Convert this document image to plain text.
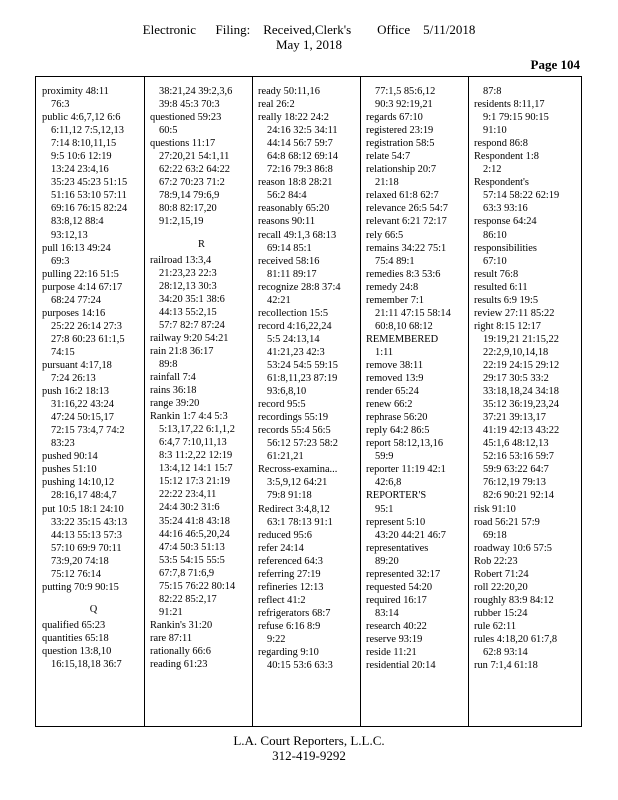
Electronic      Filing:    Received,Clerk's        Office    5/11/2018
May 1, 2018
Page 104
proximity 48:11
76:3
public 4:6,7,12 6:6
6:11,12 7:5,12,13
7:14 8:10,11,15
9:5 10:6 12:19
13:24 23:4,16
35:23 45:23 51:15
51:16 53:10 57:11
69:16 76:15 82:24
83:8,12 88:4
93:12,13
pull 16:13 49:24
69:3
pulling 22:16 51:5
purpose 4:14 67:17
68:24 77:24
purposes 14:16
25:22 26:14 27:3
27:8 60:23 61:1,5
74:15
pursuant 4:17,18
7:24 26:13
push 16:2 18:13
31:16,22 43:24
47:24 50:15,17
72:15 73:4,7 74:2
83:23
pushed 90:14
pushes 51:10
pushing 14:10,12
28:16,17 48:4,7
put 10:5 18:1 24:10
33:22 35:15 43:13
44:13 55:13 57:3
57:10 69:9 70:11
73:9,20 74:18
75:12 76:14
putting 70:9 90:15
Q
qualified 65:23
quantities 65:18
question 13:8,10
16:15,18,18 36:7
38:21,24 39:2,3,6
39:8 45:3 70:3
questioned 59:23
60:5
questions 11:17
27:20,21 54:1,11
62:22 63:2 64:22
67:2 70:23 71:2
78:9,14 79:6,9
80:8 82:17,20
91:2,15,19
R
railroad 13:3,4
21:23,23 22:3
28:12,13 30:3
34:20 35:1 38:6
44:13 55:2,15
57:7 82:7 87:24
railway 9:20 54:21
rain 21:8 36:17
89:8
rainfall 7:4
rains 36:18
range 39:20
Rankin 1:7 4:4 5:3
5:13,17,22 6:1,1,2
6:4,7 7:10,11,13
8:3 11:2,22 12:19
13:4,12 14:1 15:7
15:12 17:3 21:19
22:22 23:4,11
24:4 30:2 31:6
35:24 41:8 43:18
44:16 46:5,20,24
47:4 50:3 51:13
53:5 54:15 55:5
67:7,8 71:6,9
75:15 76:22 80:14
82:22 85:2,17
91:21
Rankin's 31:20
rare 87:11
rationally 66:6
reading 61:23
ready 50:11,16
real 26:2
really 18:22 24:2
24:16 32:5 34:11
44:14 56:7 59:7
64:8 68:12 69:14
72:16 79:3 86:8
reason 18:8 28:21
56:2 84:4
reasonably 65:20
reasons 90:11
recall 49:1,3 68:13
69:14 85:1
received 58:16
81:11 89:17
recognize 28:8 37:4
42:21
recollection 15:5
record 4:16,22,24
5:5 24:13,14
41:21,23 42:3
53:24 54:5 59:15
61:8,11,23 87:19
93:6,8,10
record 95:5
recordings 55:19
records 55:4 56:5
56:12 57:23 58:2
61:21,21
Recross-examina...
3:5,9,12 64:21
79:8 91:18
Redirect 3:4,8,12
63:1 78:13 91:1
reduced 95:6
refer 24:14
referenced 64:3
referring 27:19
refineries 12:13
reflect 41:2
refrigerators 68:7
refuse 6:16 8:9
9:22
regarding 9:10
40:15 53:6 63:3
77:1,5 85:6,12
90:3 92:19,21
regards 67:10
registered 23:19
registration 58:5
relate 54:7
relationship 20:7
21:18
relaxed 61:8 62:7
relevance 26:5 54:7
relevant 6:21 72:17
rely 66:5
remains 34:22 75:1
75:4 89:1
remedies 8:3 53:6
remedy 24:8
remember 7:1
21:11 47:15 58:14
60:8,10 68:12
REMEMBERED
1:11
remove 38:11
removed 13:9
render 65:24
renew 66:2
rephrase 56:20
reply 64:2 86:5
report 58:12,13,16
59:9
reporter 11:19 42:1
42:6,8
REPORTER'S
95:1
represent 5:10
43:20 44:21 46:7
representatives
89:20
represented 32:17
requested 54:20
required 16:17
83:14
research 40:22
reserve 93:19
reside 11:21
residential 20:14
87:8
residents 8:11,17
9:1 79:15 90:15
91:10
respond 86:8
Respondent 1:8
2:12
Respondent's
57:14 58:22 62:19
63:3 93:16
response 64:24
86:10
responsibilities
67:10
result 76:8
resulted 6:11
results 6:9 19:5
review 27:11 85:22
right 8:15 12:17
19:19,21 21:15,22
22:2,9,10,14,18
22:19 24:15 29:12
29:17 30:5 33:2
33:18,18,24 34:18
35:12 36:19,23,24
37:21 39:13,17
41:19 42:13 43:22
45:1,6 48:12,13
52:16 53:16 59:7
59:9 63:22 64:7
76:12,19 79:13
82:6 90:21 92:14
risk 91:10
road 56:21 57:9
69:18
roadway 10:6 57:5
Rob 22:23
Robert 71:24
roll 22:20,20
roughly 83:9 84:12
rubber 15:24
rule 62:11
rules 4:18,20 61:7,8
62:8 93:14
run 7:1,4 61:18
L.A. Court Reporters, L.L.C.
312-419-9292
